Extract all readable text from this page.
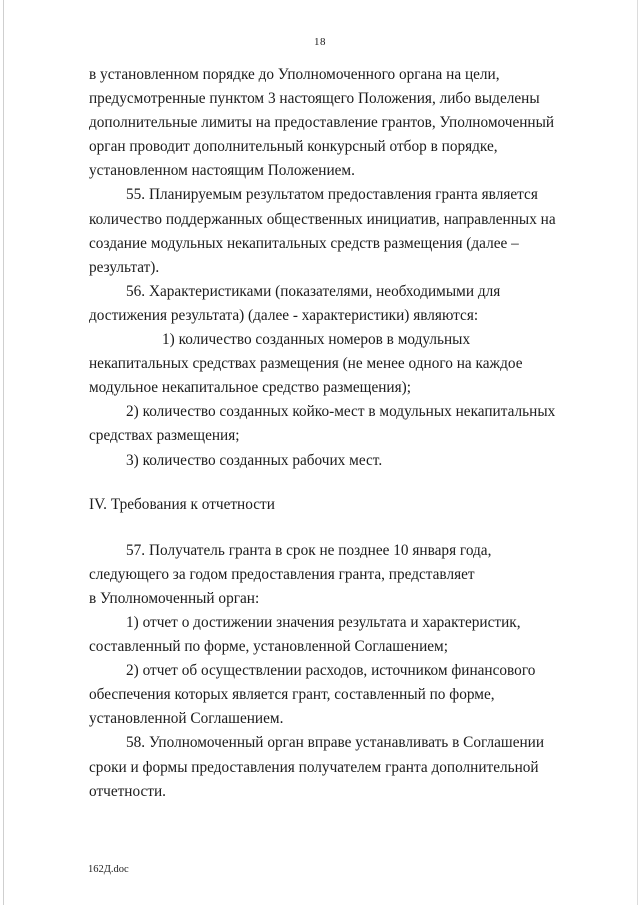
18

в установленном порядке до Уполномоченного органа на цели,

предусмотренные пунктом 3 настоящего Положения, либо выделены

дополнительные лимиты на предоставление грантов, Уполномоченный

орган проводит дополнительный конкурсный отбор в порядке,

установленном настоящим Положением.

55. Планируемым результатом предоставления гранта является

количество поддержанных общественных инициатив, направленных на

создание модульных некапитальных средств размещения (далее –

результат).

56. Характеристиками (показателями, необходимыми для

достижения результата) (далее - характеристики) являются:

1) количество созданных номеров в модульных

некапитальных средствах размещения (не менее одного на каждое

модульное некапитальное средство размещения);

2) количество созданных койко-мест в модульных некапитальных

средствах размещения;

3) количество созданных рабочих мест.

IV. Требования к отчетности

57. Получатель гранта в срок не позднее 10 января года,

следующего за годом предоставления гранта, представляет

в Уполномоченный орган:

1) отчет о достижении значения результата и характеристик,

составленный по форме, установленной Соглашением;

2) отчет об осуществлении расходов, источником финансового

обеспечения которых является грант, составленный по форме,

установленной Соглашением.

58. Уполномоченный орган вправе устанавливать в Соглашении

сроки и формы предоставления получателем гранта дополнительной

отчетности.

162Д.doc
